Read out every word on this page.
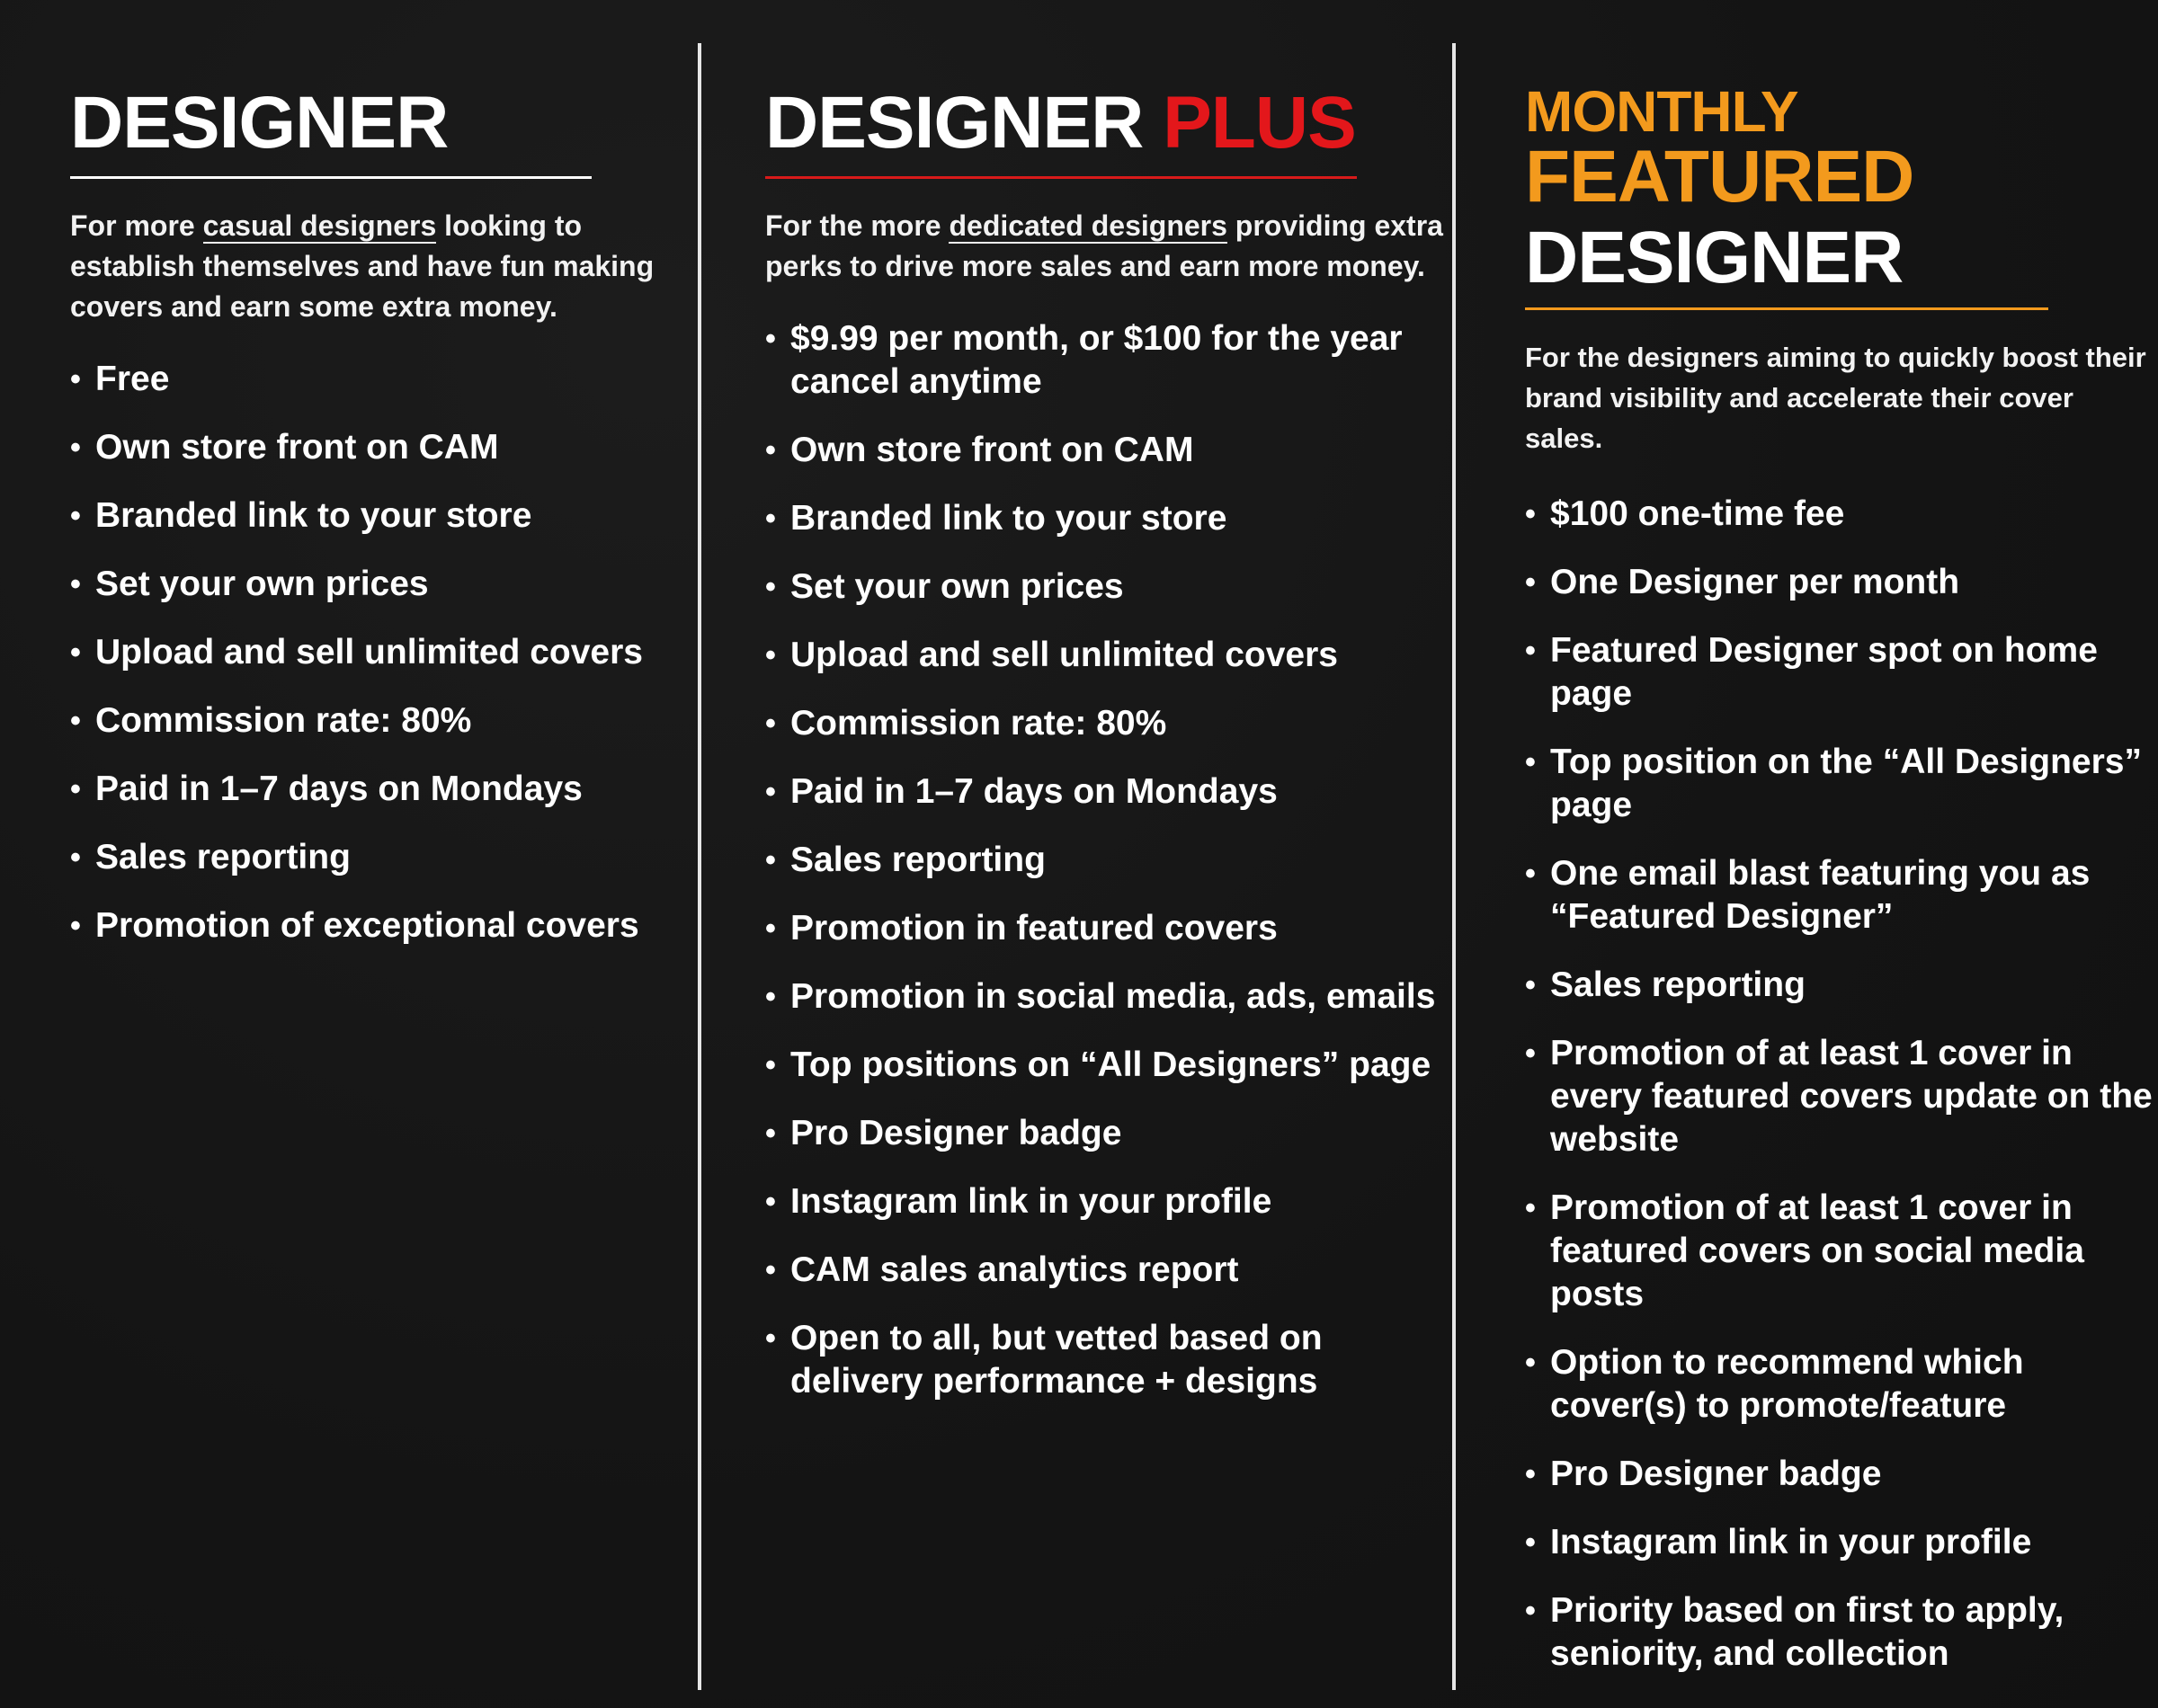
DESIGNER

For more casual designers looking to establish themselves and have fun making covers and earn some extra money.

• Free
• Own store front on CAM
• Branded link to your store
• Set your own prices
• Upload and sell unlimited covers
• Commission rate: 80%
• Paid in 1–7 days on Mondays
• Sales reporting
• Promotion of exceptional covers
DESIGNER PLUS

For the more dedicated designers providing extra perks to drive more sales and earn more money.

• $9.99 per month, or $100 for the year cancel anytime
• Own store front on CAM
• Branded link to your store
• Set your own prices
• Upload and sell unlimited covers
• Commission rate: 80%
• Paid in 1–7 days on Mondays
• Sales reporting
• Promotion in featured covers
• Promotion in social media, ads, emails
• Top positions on “All Designers” page
• Pro Designer badge
• Instagram link in your profile
• CAM sales analytics report
• Open to all, but vetted based on delivery performance + designs
MONTHLY
FEATURED
DESIGNER

For the designers aiming to quickly boost their brand visibility and accelerate their cover sales.

• $100 one-time fee
• One Designer per month
• Featured Designer spot on home page
• Top position on the “All Designers” page
• One email blast featuring you as “Featured Designer”
• Sales reporting
• Promotion of at least 1 cover in every featured covers update on the website
• Promotion of at least 1 cover in featured covers on social media posts
• Option to recommend which cover(s) to promote/feature
• Pro Designer badge
• Instagram link in your profile
• Priority based on first to apply, seniority, and collection
